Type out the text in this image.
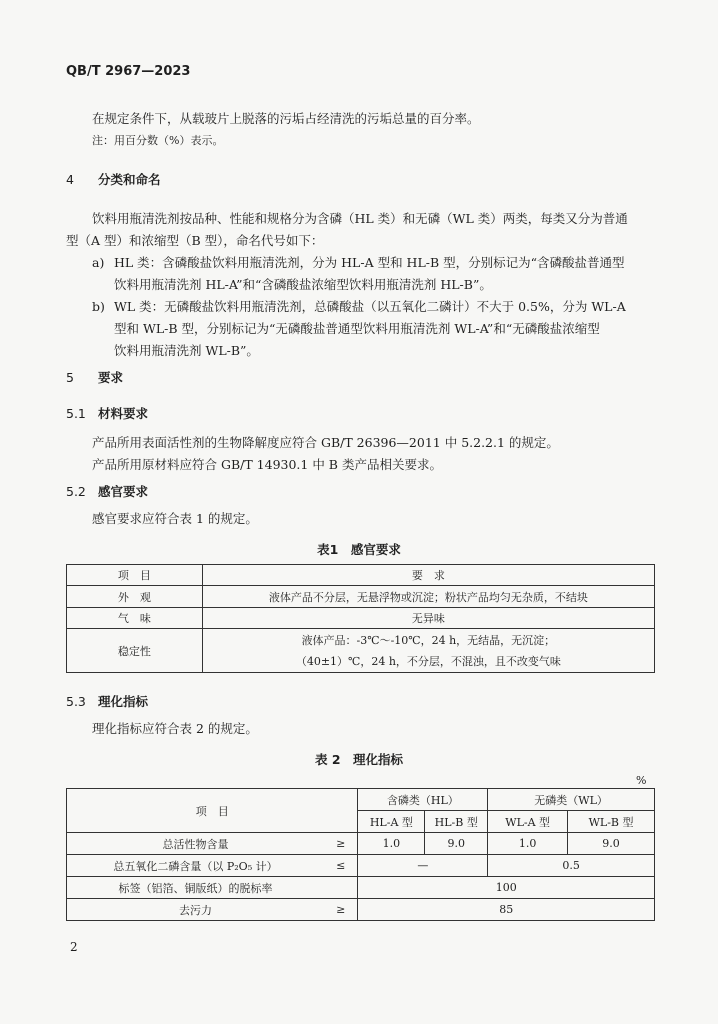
QB/T 2967—2023

在规定条件下，从载玻片上脱落的污垢占经清洗的污垢总量的百分率。

注：用百分数（%）表示。

4 分类和命名

饮料用瓶清洗剂按品种、性能和规格分为含磷（HL 类）和无磷（WL 类）两类，每类又分为普通

型（A 型）和浓缩型（B 型），命名代号如下：

a) HL 类：含磷酸盐饮料用瓶清洗剂，分为 HL-A 型和 HL-B 型，分别标记为“含磷酸盐普通型

饮料用瓶清洗剂 HL-A”和“含磷酸盐浓缩型饮料用瓶清洗剂 HL-B”。

b) WL 类：无磷酸盐饮料用瓶清洗剂，总磷酸盐（以五氧化二磷计）不大于 0.5%，分为 WL-A

型和 WL-B 型，分别标记为“无磷酸盐普通型饮料用瓶清洗剂 WL-A”和“无磷酸盐浓缩型

饮料用瓶清洗剂 WL-B”。

5 要求
5.1 材料要求

产品所用表面活性剂的生物降解度应符合 GB/T 26396—2011 中 5.2.2.1 的规定。

产品所用原材料应符合 GB/T 14930.1 中 B 类产品相关要求。

5.2 感官要求

感官要求应符合表 1 的规定。

表1　感官要求
项　目	要　求
外　观	液体产品不分层，无悬浮物或沉淀；粉状产品均匀无杂质，不结块
气　味	无异味
稳定性	液体产品：-3℃～-10℃，24 h，无结晶，无沉淀；
（40±1）℃，24 h，不分层，不混浊，且不改变气味
5.3 理化指标

理化指标应符合表 2 的规定。

表 2　理化指标
%
项　目		含磷类（HL）		无磷类（WL）	
		HL-A 型	HL-B 型	WL-A 型	WL-B 型
总活性物含量	≥	1.0	9.0	1.0	9.0
总五氧化二磷含量（以 P₂O₅ 计）	≤	—		0.5	
标签（铝箔、铜版纸）的脱标率		100			
去污力	≥	85			
2
